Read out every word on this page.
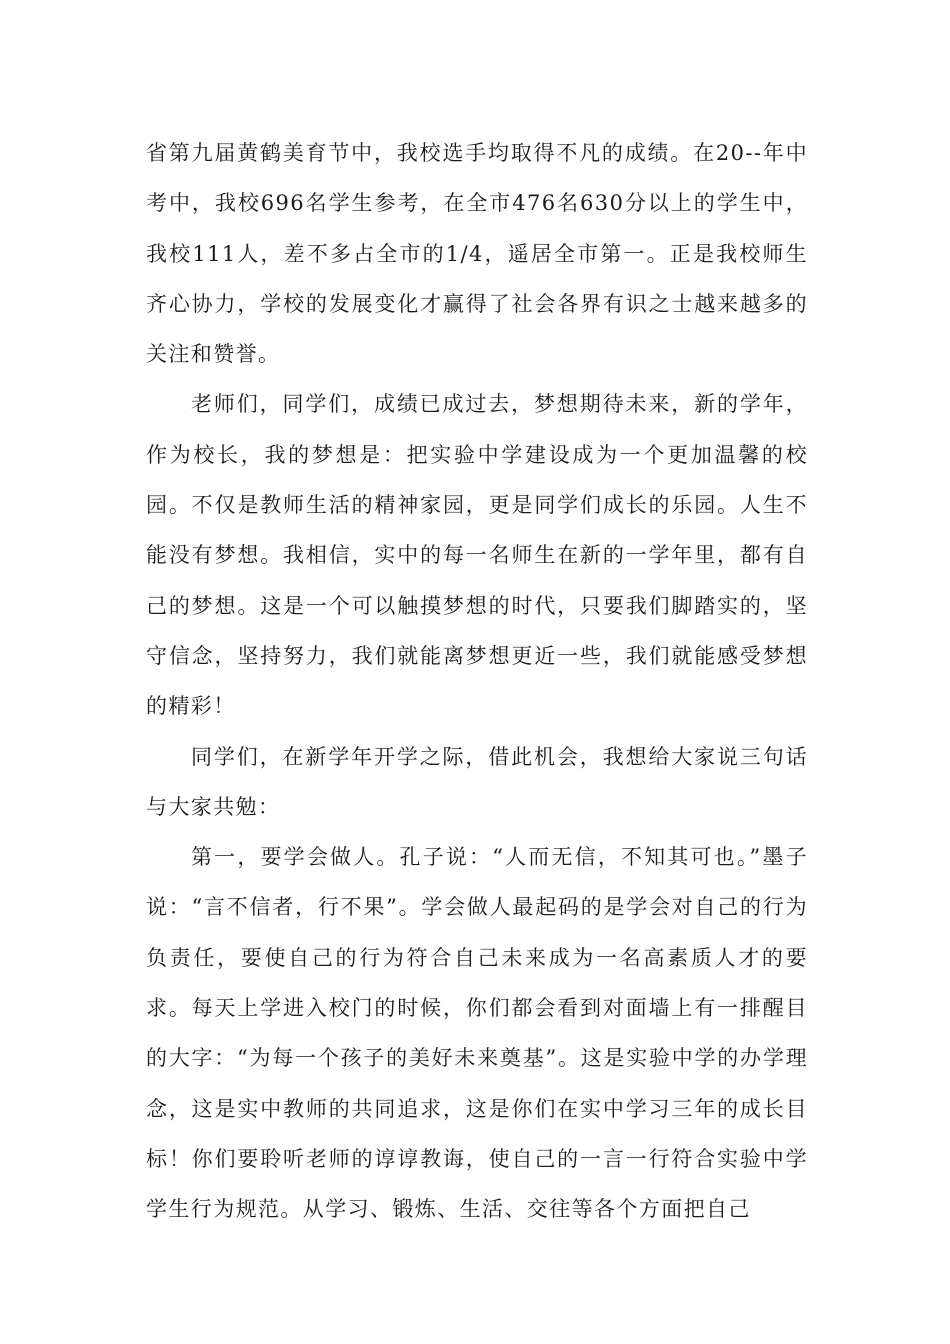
省第九届黄鹤美育节中，我校选手均取得不凡的成绩。在20--年中考中，我校696名学生参考，在全市476名630分以上的学生中，我校111人，差不多占全市的1/4，遥居全市第一。正是我校师生齐心协力，学校的发展变化才赢得了社会各界有识之士越来越多的关注和赞誉。

老师们，同学们，成绩已成过去，梦想期待未来，新的学年，作为校长，我的梦想是：把实验中学建设成为一个更加温馨的校园。不仅是教师生活的精神家园，更是同学们成长的乐园。人生不能没有梦想。我相信，实中的每一名师生在新的一学年里，都有自己的梦想。这是一个可以触摸梦想的时代，只要我们脚踏实的，坚守信念，坚持努力，我们就能离梦想更近一些，我们就能感受梦想的精彩！

同学们，在新学年开学之际，借此机会，我想给大家说三句话与大家共勉：

第一，要学会做人。孔子说：“人而无信，不知其可也。”墨子说：“言不信者，行不果”。学会做人最起码的是学会对自己的行为负责任，要使自己的行为符合自己未来成为一名高素质人才的要求。每天上学进入校门的时候，你们都会看到对面墙上有一排醒目的大字：“为每一个孩子的美好未来奠基”。这是实验中学的办学理念，这是实中教师的共同追求，这是你们在实中学习三年的成长目标！你们要聆听老师的谆谆教诲，使自己的一言一行符合实验中学学生行为规范。从学习、锻炼、生活、交往等各个方面把自己
